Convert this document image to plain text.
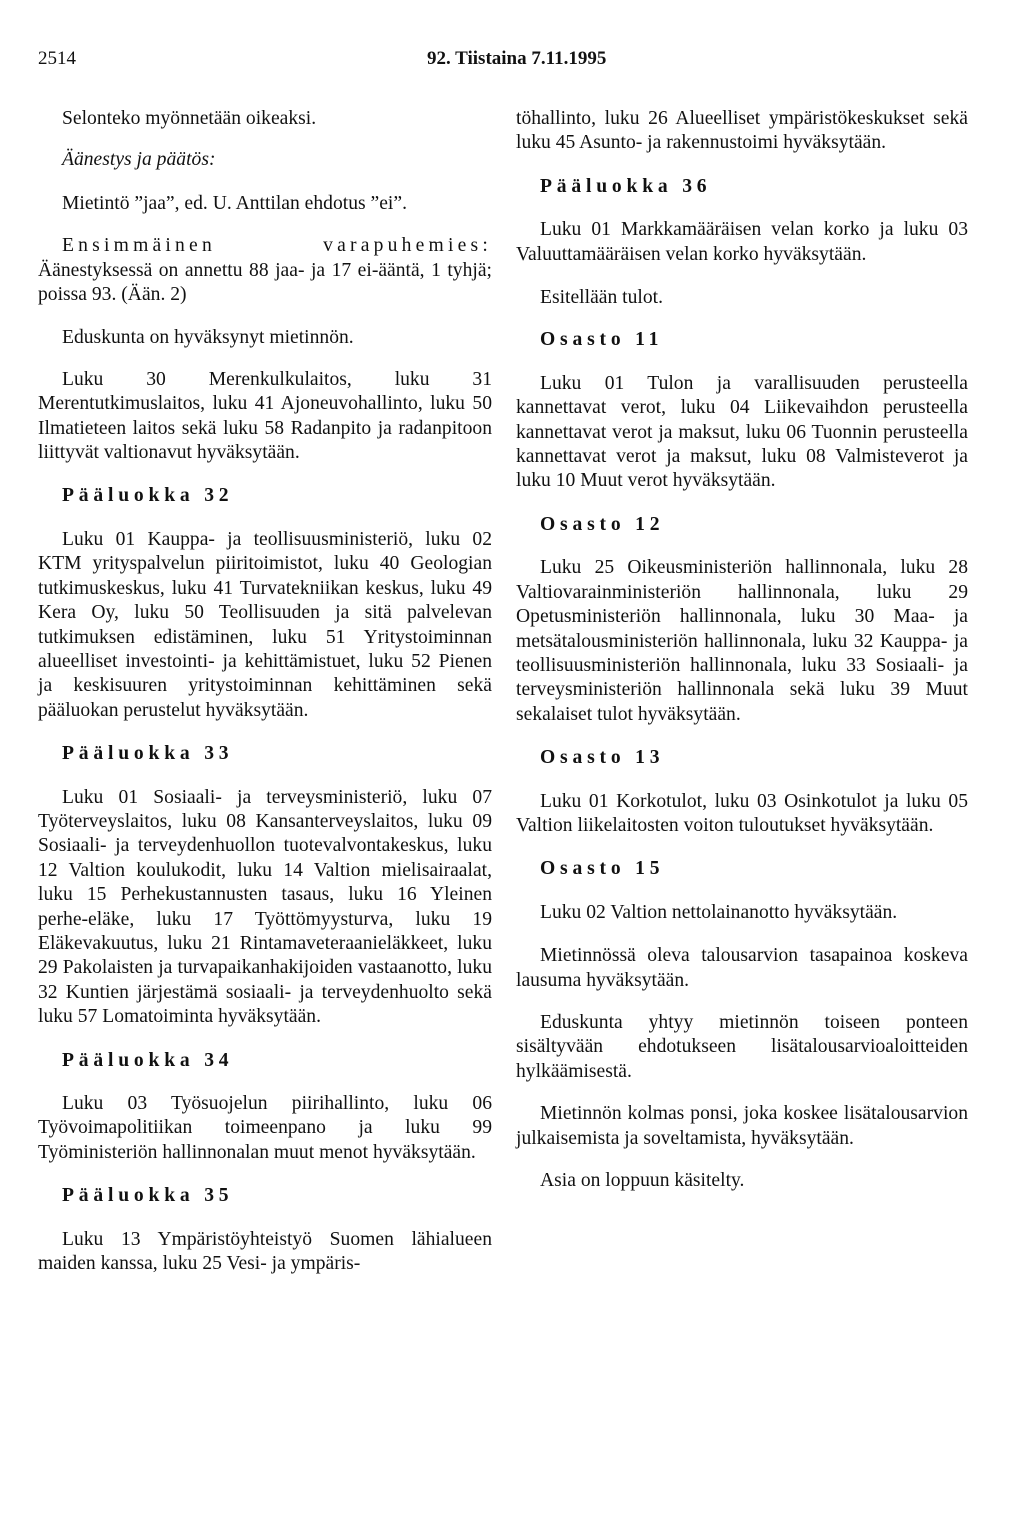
2514	92. Tiistaina 7.11.1995

Selonteko myönnetään oikeaksi.

Äänestys ja päätös:

Mietintö ”jaa”, ed. U. Anttilan ehdotus ”ei”.

Ensimmäinen varapuhemies: Äänestyksessä on annettu 88 jaa- ja 17 ei-ääntä, 1 tyhjä; poissa 93. (Ään. 2)

Eduskunta on hyväksynyt mietinnön.

Luku 30 Merenkulkulaitos, luku 31 Merentutkimuslaitos, luku 41 Ajoneuvohallinto, luku 50 Ilmatieteen laitos sekä luku 58 Radanpito ja radanpitoon liittyvät valtionavut hyväksytään.

Pääluokka 32

Luku 01 Kauppa- ja teollisuusministeriö, luku 02 KTM yrityspalvelun piiritoimistot, luku 40 Geologian tutkimuskeskus, luku 41 Turvatekniikan keskus, luku 49 Kera Oy, luku 50 Teollisuuden ja sitä palvelevan tutkimuksen edistäminen, luku 51 Yritystoiminnan alueelliset investointi- ja kehittämistuet, luku 52 Pienen ja keskisuuren yritystoiminnan kehittäminen sekä pääluokan perustelut hyväksytään.

Pääluokka 33

Luku 01 Sosiaali- ja terveysministeriö, luku 07 Työterveyslaitos, luku 08 Kansanterveyslaitos, luku 09 Sosiaali- ja terveydenhuollon tuotevalvontakeskus, luku 12 Valtion koulukodit, luku 14 Valtion mielisairaalat, luku 15 Perhekustannusten tasaus, luku 16 Yleinen perhe-eläke, luku 17 Työttömyysturva, luku 19 Eläkevakuutus, luku 21 Rintamaveteraanieläkkeet, luku 29 Pakolaisten ja turvapaikanhakijoiden vastaanotto, luku 32 Kuntien järjestämä sosiaali- ja terveydenhuolto sekä luku 57 Lomatoiminta hyväksytään.

Pääluokka 34

Luku 03 Työsuojelun piirihallinto, luku 06 Työvoimapolitiikan toimeenpano ja luku 99 Työministeriön hallinnonalan muut menot hyväksytään.

Pääluokka 35

Luku 13 Ympäristöyhteistyö Suomen lähialueen maiden kanssa, luku 25 Vesi- ja ympäris-

töhallinto, luku 26 Alueelliset ympäristökeskukset sekä luku 45 Asunto- ja rakennustoimi hyväksytään.

Pääluokka 36

Luku 01 Markkamääräisen velan korko ja luku 03 Valuuttamääräisen velan korko hyväksytään.

Esitellään tulot.

Osasto 11

Luku 01 Tulon ja varallisuuden perusteella kannettavat verot, luku 04 Liikevaihdon perusteella kannettavat verot ja maksut, luku 06 Tuonnin perusteella kannettavat verot ja maksut, luku 08 Valmisteverot ja luku 10 Muut verot hyväksytään.

Osasto 12

Luku 25 Oikeusministeriön hallinnonala, luku 28 Valtiovarainministeriön hallinnonala, luku 29 Opetusministeriön hallinnonala, luku 30 Maa- ja metsätalousministeriön hallinnonala, luku 32 Kauppa- ja teollisuusministeriön hallinnonala, luku 33 Sosiaali- ja terveysministeriön hallinnonala sekä luku 39 Muut sekalaiset tulot hyväksytään.

Osasto 13

Luku 01 Korkotulot, luku 03 Osinkotulot ja luku 05 Valtion liikelaitosten voiton tuloutukset hyväksytään.

Osasto 15

Luku 02 Valtion nettolainanotto hyväksytään.

Mietinnössä oleva talousarvion tasapainoa koskeva lausuma hyväksytään.

Eduskunta yhtyy mietinnön toiseen ponteen sisältyvään ehdotukseen lisätalousarvioaloitteiden hylkäämisestä.

Mietinnön kolmas ponsi, joka koskee lisätalousarvion julkaisemista ja soveltamista, hyväksytään.

Asia on loppuun käsitelty.
